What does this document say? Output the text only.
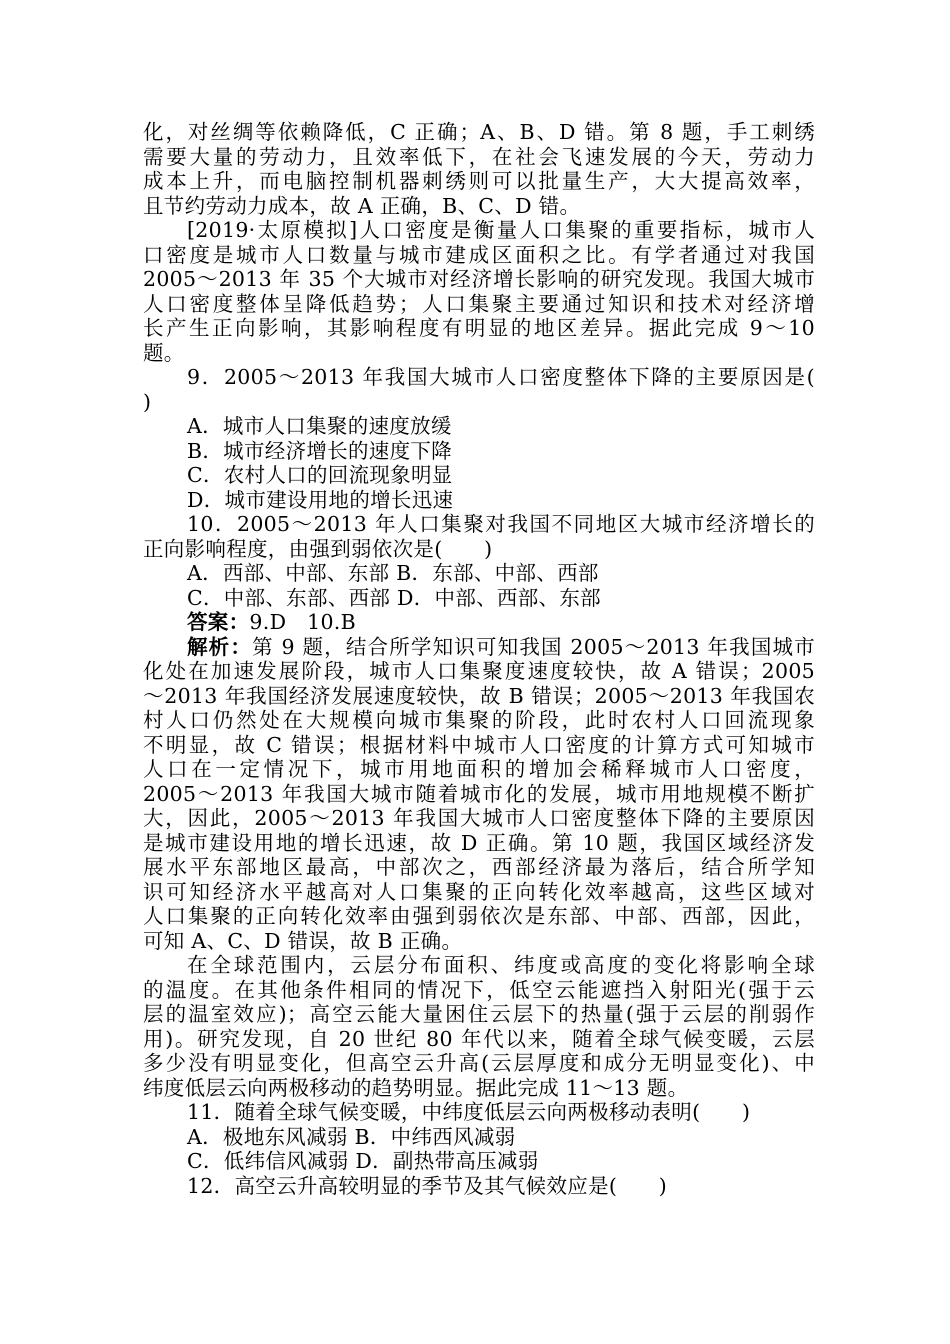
化，对丝绸等依赖降低，C 正确；A、B、D 错。第 8 题，手工刺绣
需要大量的劳动力，且效率低下，在社会飞速发展的今天，劳动力
成本上升，而电脑控制机器刺绣则可以批量生产，大大提高效率，
且节约劳动力成本，故 A 正确，B、C、D 错。
[2019·太原模拟]人口密度是衡量人口集聚的重要指标，城市人
口密度是城市人口数量与城市建成区面积之比。有学者通过对我国
2005～2013 年 35 个大城市对经济增长影响的研究发现。我国大城市
人口密度整体呈降低趋势；人口集聚主要通过知识和技术对经济增
长产生正向影响，其影响程度有明显的地区差异。据此完成 9～10
题。
9．2005～2013 年我国大城市人口密度整体下降的主要原因是(
)
A．城市人口集聚的速度放缓
B．城市经济增长的速度下降
C．农村人口的回流现象明显
D．城市建设用地的增长迅速
10．2005～2013 年人口集聚对我国不同地区大城市经济增长的
正向影响程度，由强到弱依次是(　　)
A．西部、中部、东部 B．东部、中部、西部
C．中部、东部、西部 D．中部、西部、东部
答案：9.D　10.B
解析：第 9 题，结合所学知识可知我国 2005～2013 年我国城市
化处在加速发展阶段，城市人口集聚度速度较快，故 A 错误；2005
～2013 年我国经济发展速度较快，故 B 错误；2005～2013 年我国农
村人口仍然处在大规模向城市集聚的阶段，此时农村人口回流现象
不明显，故 C 错误；根据材料中城市人口密度的计算方式可知城市
人口在一定情况下，城市用地面积的增加会稀释城市人口密度，
2005～2013 年我国大城市随着城市化的发展，城市用地规模不断扩
大，因此，2005～2013 年我国大城市人口密度整体下降的主要原因
是城市建设用地的增长迅速，故 D 正确。第 10 题，我国区域经济发
展水平东部地区最高，中部次之，西部经济最为落后，结合所学知
识可知经济水平越高对人口集聚的正向转化效率越高，这些区域对
人口集聚的正向转化效率由强到弱依次是东部、中部、西部，因此，
可知 A、C、D 错误，故 B 正确。
在全球范围内，云层分布面积、纬度或高度的变化将影响全球
的温度。在其他条件相同的情况下，低空云能遮挡入射阳光(强于云
层的温室效应)；高空云能大量困住云层下的热量(强于云层的削弱作
用)。研究发现，自 20 世纪 80 年代以来，随着全球气候变暖，云层
多少没有明显变化，但高空云升高(云层厚度和成分无明显变化)、中
纬度低层云向两极移动的趋势明显。据此完成 11～13 题。
11．随着全球气候变暖，中纬度低层云向两极移动表明(　　)
A．极地东风减弱 B．中纬西风减弱
C．低纬信风减弱 D．副热带高压减弱
12．高空云升高较明显的季节及其气候效应是(　　)
